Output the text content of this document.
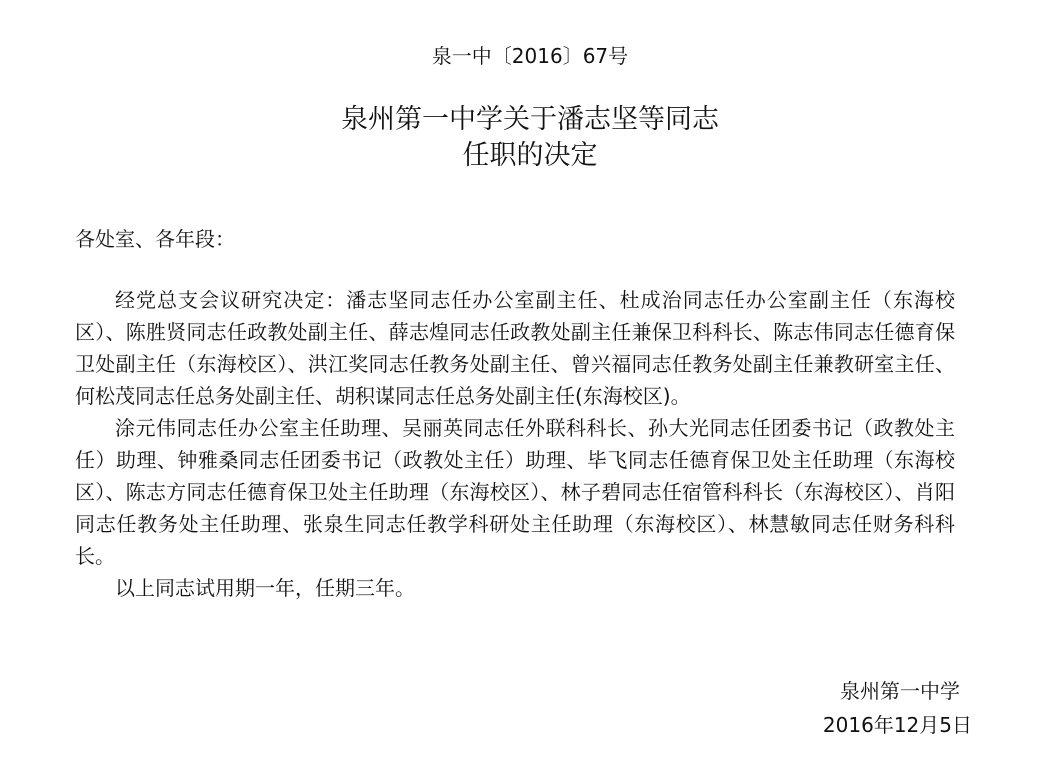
泉一中〔2016〕67号
泉州第一中学关于潘志坚等同志
任职的决定
各处室、各年段：

经党总支会议研究决定：潘志坚同志任办公室副主任、杜成治同志任办公室副主任（东海校区）、陈胜贤同志任政教处副主任、薛志煌同志任政教处副主任兼保卫科科长、陈志伟同志任德育保卫处副主任（东海校区）、洪江奖同志任教务处副主任、曾兴福同志任教务处副主任兼教研室主任、何松茂同志任总务处副主任、胡积谋同志任总务处副主任(东海校区)。

涂元伟同志任办公室主任助理、吴丽英同志任外联科科长、孙大光同志任团委书记（政教处主任）助理、钟雅桑同志任团委书记（政教处主任）助理、毕飞同志任德育保卫处主任助理（东海校区）、陈志方同志任德育保卫处主任助理（东海校区）、林子碧同志任宿管科科长（东海校区）、肖阳同志任教务处主任助理、张泉生同志任教学科研处主任助理（东海校区）、林慧敏同志任财务科科长。

以上同志试用期一年，任期三年。

泉州第一中学
2016年12月5日
